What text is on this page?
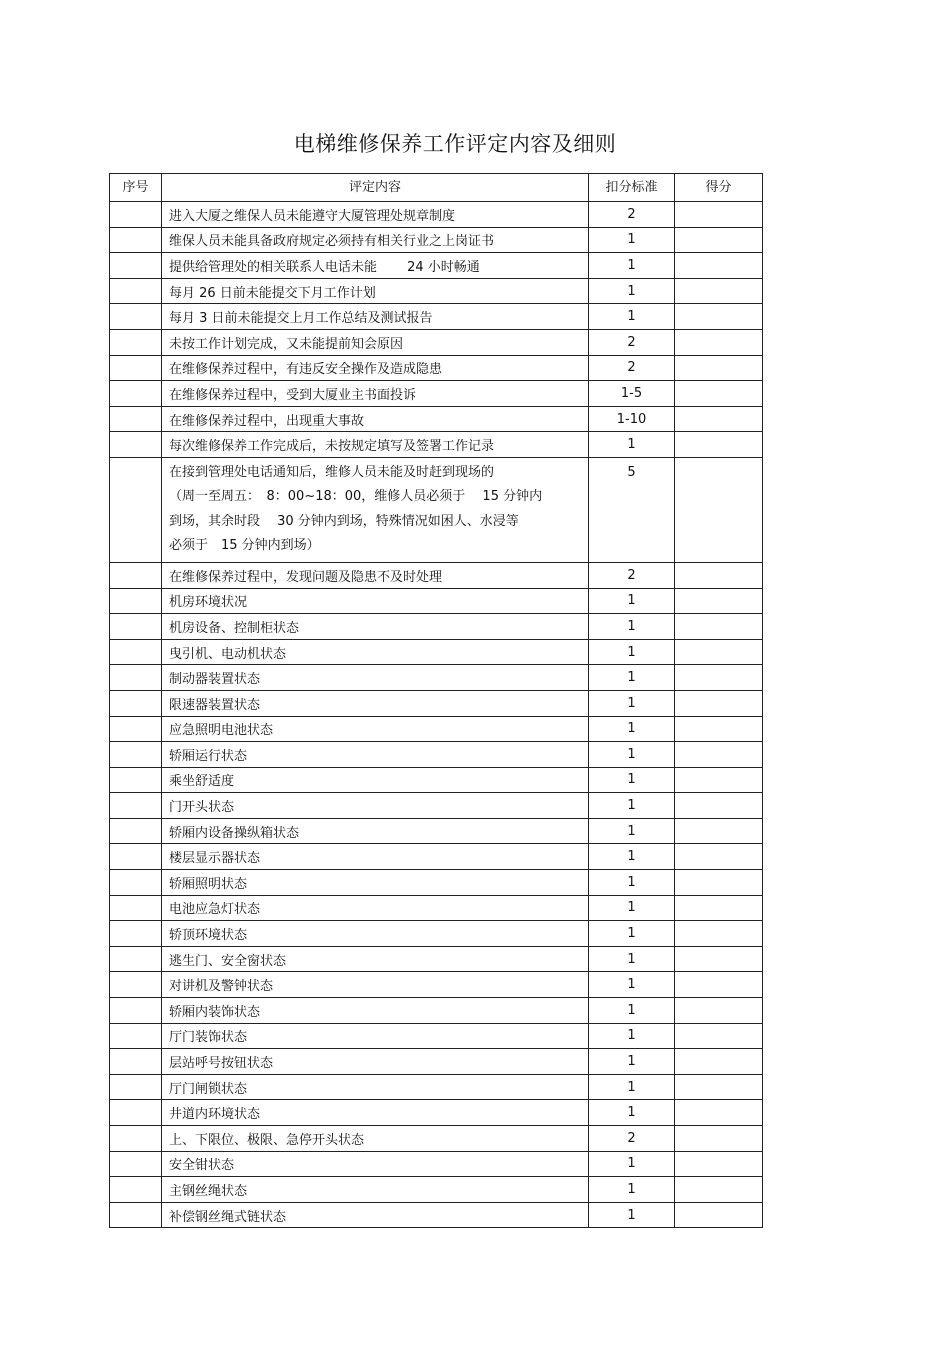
电梯维修保养工作评定内容及细则
序号	评定内容	扣分标准	得分
	进入大厦之维保人员未能遵守大厦管理处规章制度	2	
	维保人员未能具备政府规定必须持有相关行业之上岗证书	1	
	提供给管理处的相关联系人电话未能　　 24 小时畅通	1	
	每月 26 日前未能提交下月工作计划	1	
	每月 3 日前未能提交上月工作总结及测试报告	1	
	未按工作计划完成，又未能提前知会原因	2	
	在维修保养过程中，有违反安全操作及造成隐患	2	
	在维修保养过程中，受到大厦业主书面投诉	1-5	
	在维修保养过程中，出现重大事故	1-10	
	每次维修保养工作完成后，未按规定填写及签署工作记录	1	

	在接到管理处电话通知后，维修人员未能及时赶到现场的
（周一至周五：　8：00~18：00，维修人员必须于　 15 分钟内
到场，其余时段　 30 分钟内到场，特殊情况如困人、水浸等
必须于　15 分钟内到场）	5	
	在维修保养过程中，发现问题及隐患不及时处理	2	
	机房环境状况	1	
	机房设备、控制柜状态	1	
	曳引机、电动机状态	1	
	制动器装置状态	1	
	限速器装置状态	1	
	应急照明电池状态	1	
	轿厢运行状态	1	
	乘坐舒适度	1	
	门开头状态	1	
	轿厢内设备操纵箱状态	1	
	楼层显示器状态	1	
	轿厢照明状态	1	
	电池应急灯状态	1	
	轿顶环境状态	1	
	逃生门、安全窗状态	1	
	对讲机及警钟状态	1	
	轿厢内装饰状态	1	
	厅门装饰状态	1	
	层站呼号按钮状态	1	
	厅门闸锁状态	1	
	井道内环境状态	1	
	上、下限位、极限、急停开头状态	2	
	安全钳状态	1	
	主钢丝绳状态	1	
	补偿钢丝绳式链状态	1	
